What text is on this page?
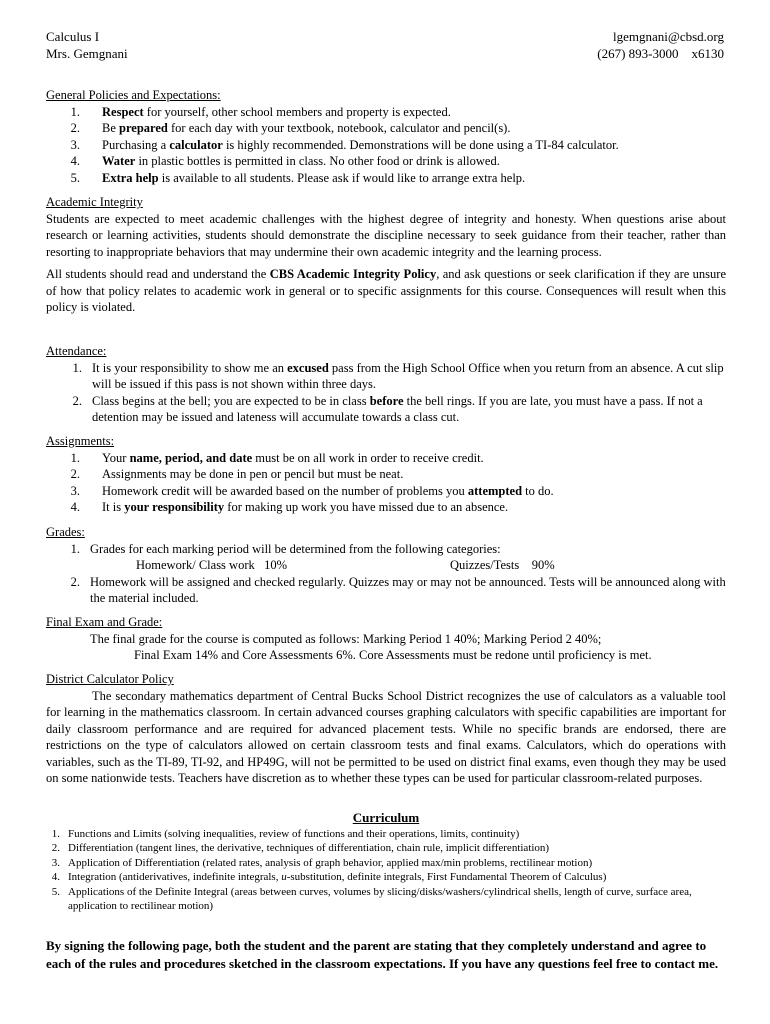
Calculus I
Mrs. Gemgnani
lgemgnani@cbsd.org
(267) 893-3000    x6130
General Policies and Expectations:
1. Respect for yourself, other school members and property is expected.
2. Be prepared for each day with your textbook, notebook, calculator and pencil(s).
3. Purchasing a calculator is highly recommended. Demonstrations will be done using a TI-84 calculator.
4. Water in plastic bottles is permitted in class. No other food or drink is allowed.
5. Extra help is available to all students. Please ask if would like to arrange extra help.
Academic Integrity
Students are expected to meet academic challenges with the highest degree of integrity and honesty. When questions arise about research or learning activities, students should demonstrate the discipline necessary to seek guidance from their teacher, rather than resorting to inappropriate behaviors that may undermine their own academic integrity and the learning process.
All students should read and understand the CBS Academic Integrity Policy, and ask questions or seek clarification if they are unsure of how that policy relates to academic work in general or to specific assignments for this course. Consequences will result when this policy is violated.
Attendance:
1. It is your responsibility to show me an excused pass from the High School Office when you return from an absence. A cut slip will be issued if this pass is not shown within three days.
2. Class begins at the bell; you are expected to be in class before the bell rings. If you are late, you must have a pass. If not a detention may be issued and lateness will accumulate towards a class cut.
Assignments:
1. Your name, period, and date must be on all work in order to receive credit.
2. Assignments may be done in pen or pencil but must be neat.
3. Homework credit will be awarded based on the number of problems you attempted to do.
4. It is your responsibility for making up work you have missed due to an absence.
Grades:
1. Grades for each marking period will be determined from the following categories:
Homework/ Class work   10%	Quizzes/Tests    90%
2. Homework will be assigned and checked regularly. Quizzes may or may not be announced. Tests will be announced along with the material included.
Final Exam and Grade:
The final grade for the course is computed as follows: Marking Period 1 40%; Marking Period 2 40%;
Final Exam 14% and Core Assessments 6%. Core Assessments must be redone until proficiency is met.
District Calculator Policy
The secondary mathematics department of Central Bucks School District recognizes the use of calculators as a valuable tool for learning in the mathematics classroom. In certain advanced courses graphing calculators with specific capabilities are important for daily classroom performance and are required for advanced placement tests. While no specific brands are endorsed, there are restrictions on the type of calculators allowed on certain classroom tests and final exams. Calculators, which do operations with variables, such as the TI-89, TI-92, and HP49G, will not be permitted to be used on district final exams, even though they may be used on some nationwide tests. Teachers have discretion as to whether these types can be used for particular classroom-related purposes.
Curriculum
1. Functions and Limits (solving inequalities, review of functions and their operations, limits, continuity)
2. Differentiation (tangent lines, the derivative, techniques of differentiation, chain rule, implicit differentiation)
3. Application of Differentiation (related rates, analysis of graph behavior, applied max/min problems, rectilinear motion)
4. Integration (antiderivatives, indefinite integrals, u-substitution, definite integrals, First Fundamental Theorem of Calculus)
5. Applications of the Definite Integral (areas between curves, volumes by slicing/disks/washers/cylindrical shells, length of curve, surface area, application to rectilinear motion)
By signing the following page, both the student and the parent are stating that they completely understand and agree to each of the rules and procedures sketched in the classroom expectations. If you have any questions feel free to contact me.
